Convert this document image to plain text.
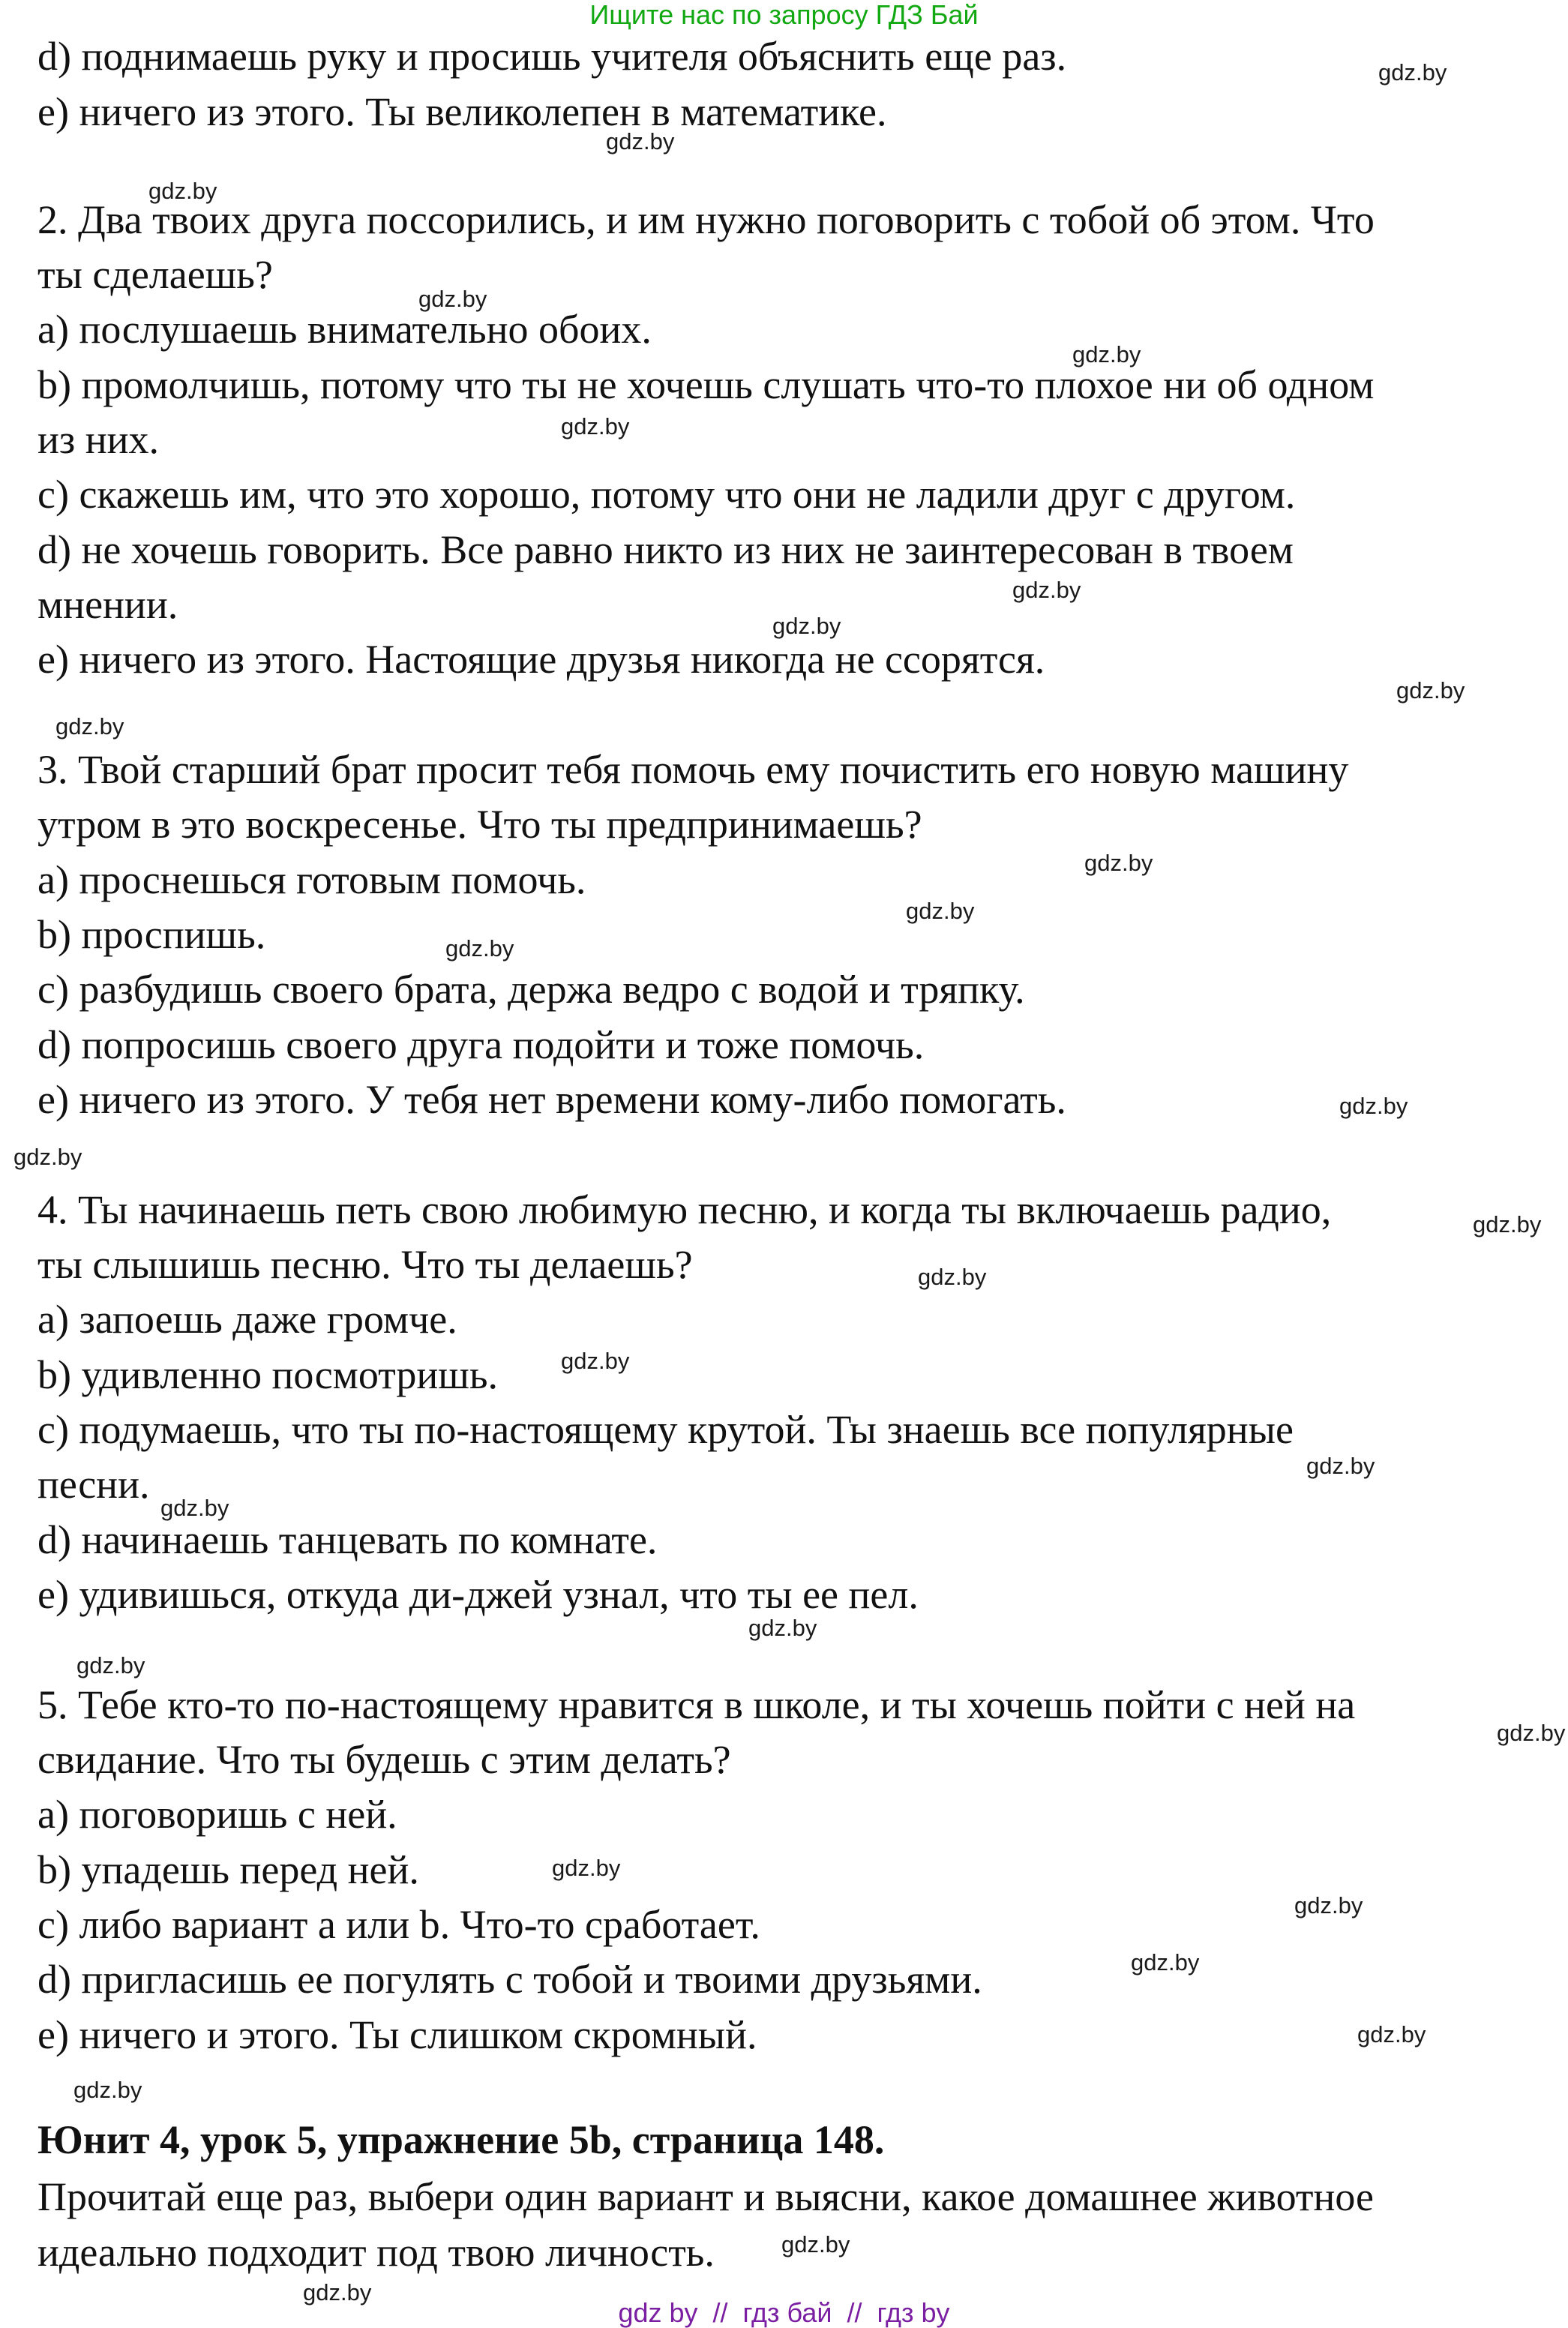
Ищите нас по запросу ГДЗ Бай
d) поднимаешь руку и просишь учителя объяснить еще раз.
e) ничего из этого. Ты великолепен в математике.
2. Два твоих друга поссорились, и им нужно поговорить с тобой об этом. Что
ты сделаешь?
a) послушаешь внимательно обоих.
b) промолчишь, потому что ты не хочешь слушать что-то плохое ни об одном
из них.
c) скажешь им, что это хорошо, потому что они не ладили друг с другом.
d) не хочешь говорить. Все равно никто из них не заинтересован в твоем
мнении.
e) ничего из этого. Настоящие друзья никогда не ссорятся.
3. Твой старший брат просит тебя помочь ему почистить его новую машину
утром в это воскресенье. Что ты предпринимаешь?
a) проснешься готовым помочь.
b) проспишь.
c) разбудишь своего брата, держа ведро с водой и тряпку.
d) попросишь своего друга подойти и тоже помочь.
e) ничего из этого. У тебя нет времени кому-либо помогать.
4. Ты начинаешь петь свою любимую песню, и когда ты включаешь радио,
ты слышишь песню. Что ты делаешь?
a) запоешь даже громче.
b) удивленно посмотришь.
c) подумаешь, что ты по-настоящему крутой. Ты знаешь все популярные
песни.
d) начинаешь танцевать по комнате.
e) удивишься, откуда ди-джей узнал, что ты ее пел.
5. Тебе кто-то по-настоящему нравится в школе, и ты хочешь пойти с ней на
свидание. Что ты будешь с этим делать?
a) поговоришь с ней.
b) упадешь перед ней.
c) либо вариант a или b. Что-то сработает.
d) пригласишь ее погулять с тобой и твоими друзьями.
e) ничего и этого. Ты слишком скромный.
Юнит 4, урок 5, упражнение 5b, страница 148.
Прочитай еще раз, выбери один вариант и выясни, какое домашнее животное
идеально подходит под твою личность.
gdz.by
gdz.by
gdz.by
gdz.by
gdz.by
gdz.by
gdz.by
gdz.by
gdz.by
gdz.by
gdz.by
gdz.by
gdz.by
gdz.by
gdz.by
gdz.by
gdz.by
gdz.by
gdz.by
gdz.by
gdz.by
gdz.by
gdz.by
gdz.by
gdz.by
gdz.by
gdz.by
gdz.by
gdz.by
gdz.by
gdz by  //  гдз бай  //  гдз by
